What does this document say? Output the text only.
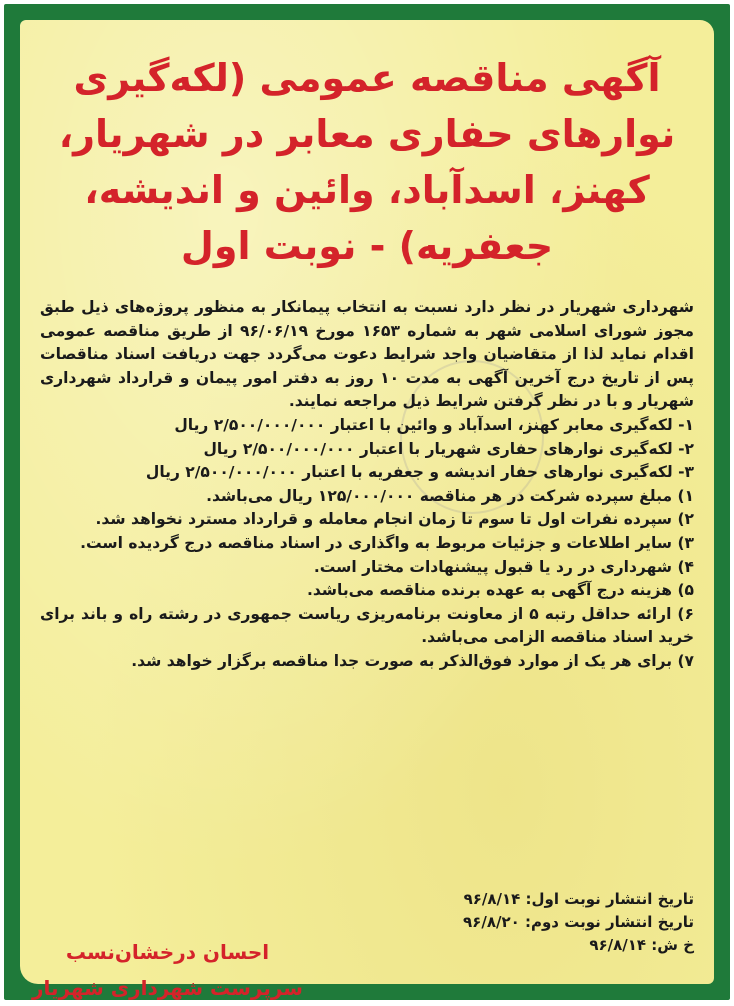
آگهی مناقصه عمومی (لکه‌گیری نوارهای حفاری معابر در شهریار، کهنز، اسدآباد، وائین و اندیشه، جعفریه) - نوبت اول

شهرداری شهریار در نظر دارد نسبت به انتخاب پیمانکار به منظور پروژه‌های ذیل طبق مجوز شورای اسلامی شهر به شماره ۱۶۵۳ مورخ ۹۶/۰۶/۱۹ از طریق مناقصه عمومی اقدام نماید لذا از متقاضیان واجد شرایط دعوت می‌گردد جهت دریافت اسناد مناقصات پس از تاریخ درج آخرین آگهی به مدت ۱۰ روز به دفتر امور پیمان و قرارداد شهرداری شهریار و با در نظر گرفتن شرایط ذیل مراجعه نمایند.

۱- لکه‌گیری معابر کهنز، اسدآباد و وائین با اعتبار ۲/۵۰۰/۰۰۰/۰۰۰ ریال

۲- لکه‌گیری نوارهای حفاری شهریار با اعتبار ۲/۵۰۰/۰۰۰/۰۰۰ ریال

۳- لکه‌گیری نوارهای حفار اندیشه و جعفریه با اعتبار ۲/۵۰۰/۰۰۰/۰۰۰ ریال

۱) مبلغ سپرده شرکت در هر مناقصه ۱۲۵/۰۰۰/۰۰۰ ریال می‌باشد.

۲) سپرده نفرات اول تا سوم تا زمان انجام معامله و قرارداد مسترد نخواهد شد.

۳) سایر اطلاعات و جزئیات مربوط به واگذاری در اسناد مناقصه درج گردیده است.

۴) شهرداری در رد یا قبول پیشنهادات مختار است.

۵) هزینه درج آگهی به عهده برنده مناقصه می‌باشد.

۶) ارائه حداقل رتبه ۵ از معاونت برنامه‌ریزی ریاست جمهوری در رشته راه و باند برای خرید اسناد مناقصه الزامی می‌باشد.

۷) برای هر یک از موارد فوق‌الذکر به صورت جدا مناقصه برگزار خواهد شد.

تاریخ انتشار نوبت اول: ۹۶/۸/۱۴
تاریخ انتشار نوبت دوم: ۹۶/۸/۲۰
خ ش: ۹۶/۸/۱۴
احسان درخشان‌نسب
سرپرست شهرداری شهریار
